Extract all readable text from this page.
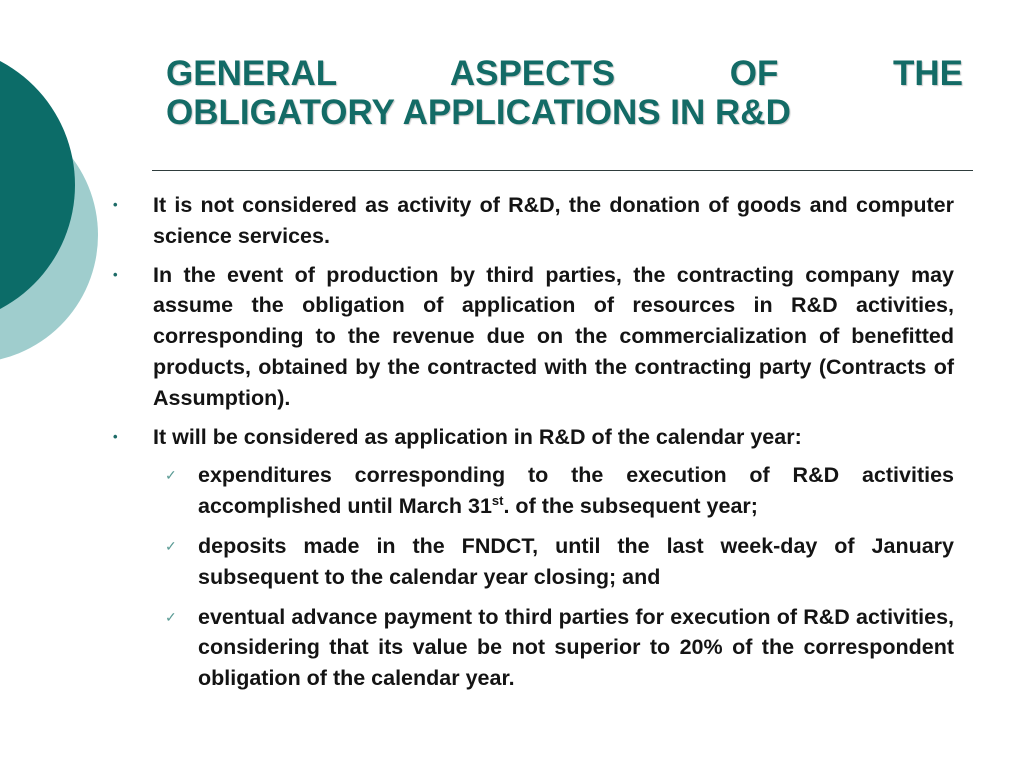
GENERAL ASPECTS OF THE
OBLIGATORY APPLICATIONS IN R&D
• It is not considered as activity of R&D, the donation of goods and computer science services.
• In the event of production by third parties, the contracting company may assume the obligation of application of resources in R&D activities, corresponding to the revenue due on the commercialization of benefitted products, obtained by the contracted with the contracting party (Contracts of Assumption).
• It will be considered as application in R&D of the calendar year:
✓ expenditures corresponding to the execution of R&D activities accomplished until March 31st. of the subsequent year;
✓ deposits made in the FNDCT, until the last week-day of January subsequent to the calendar year closing; and
✓ eventual advance payment to third parties for execution of R&D activities, considering that its value be not superior to 20% of the correspondent obligation of the calendar year.
